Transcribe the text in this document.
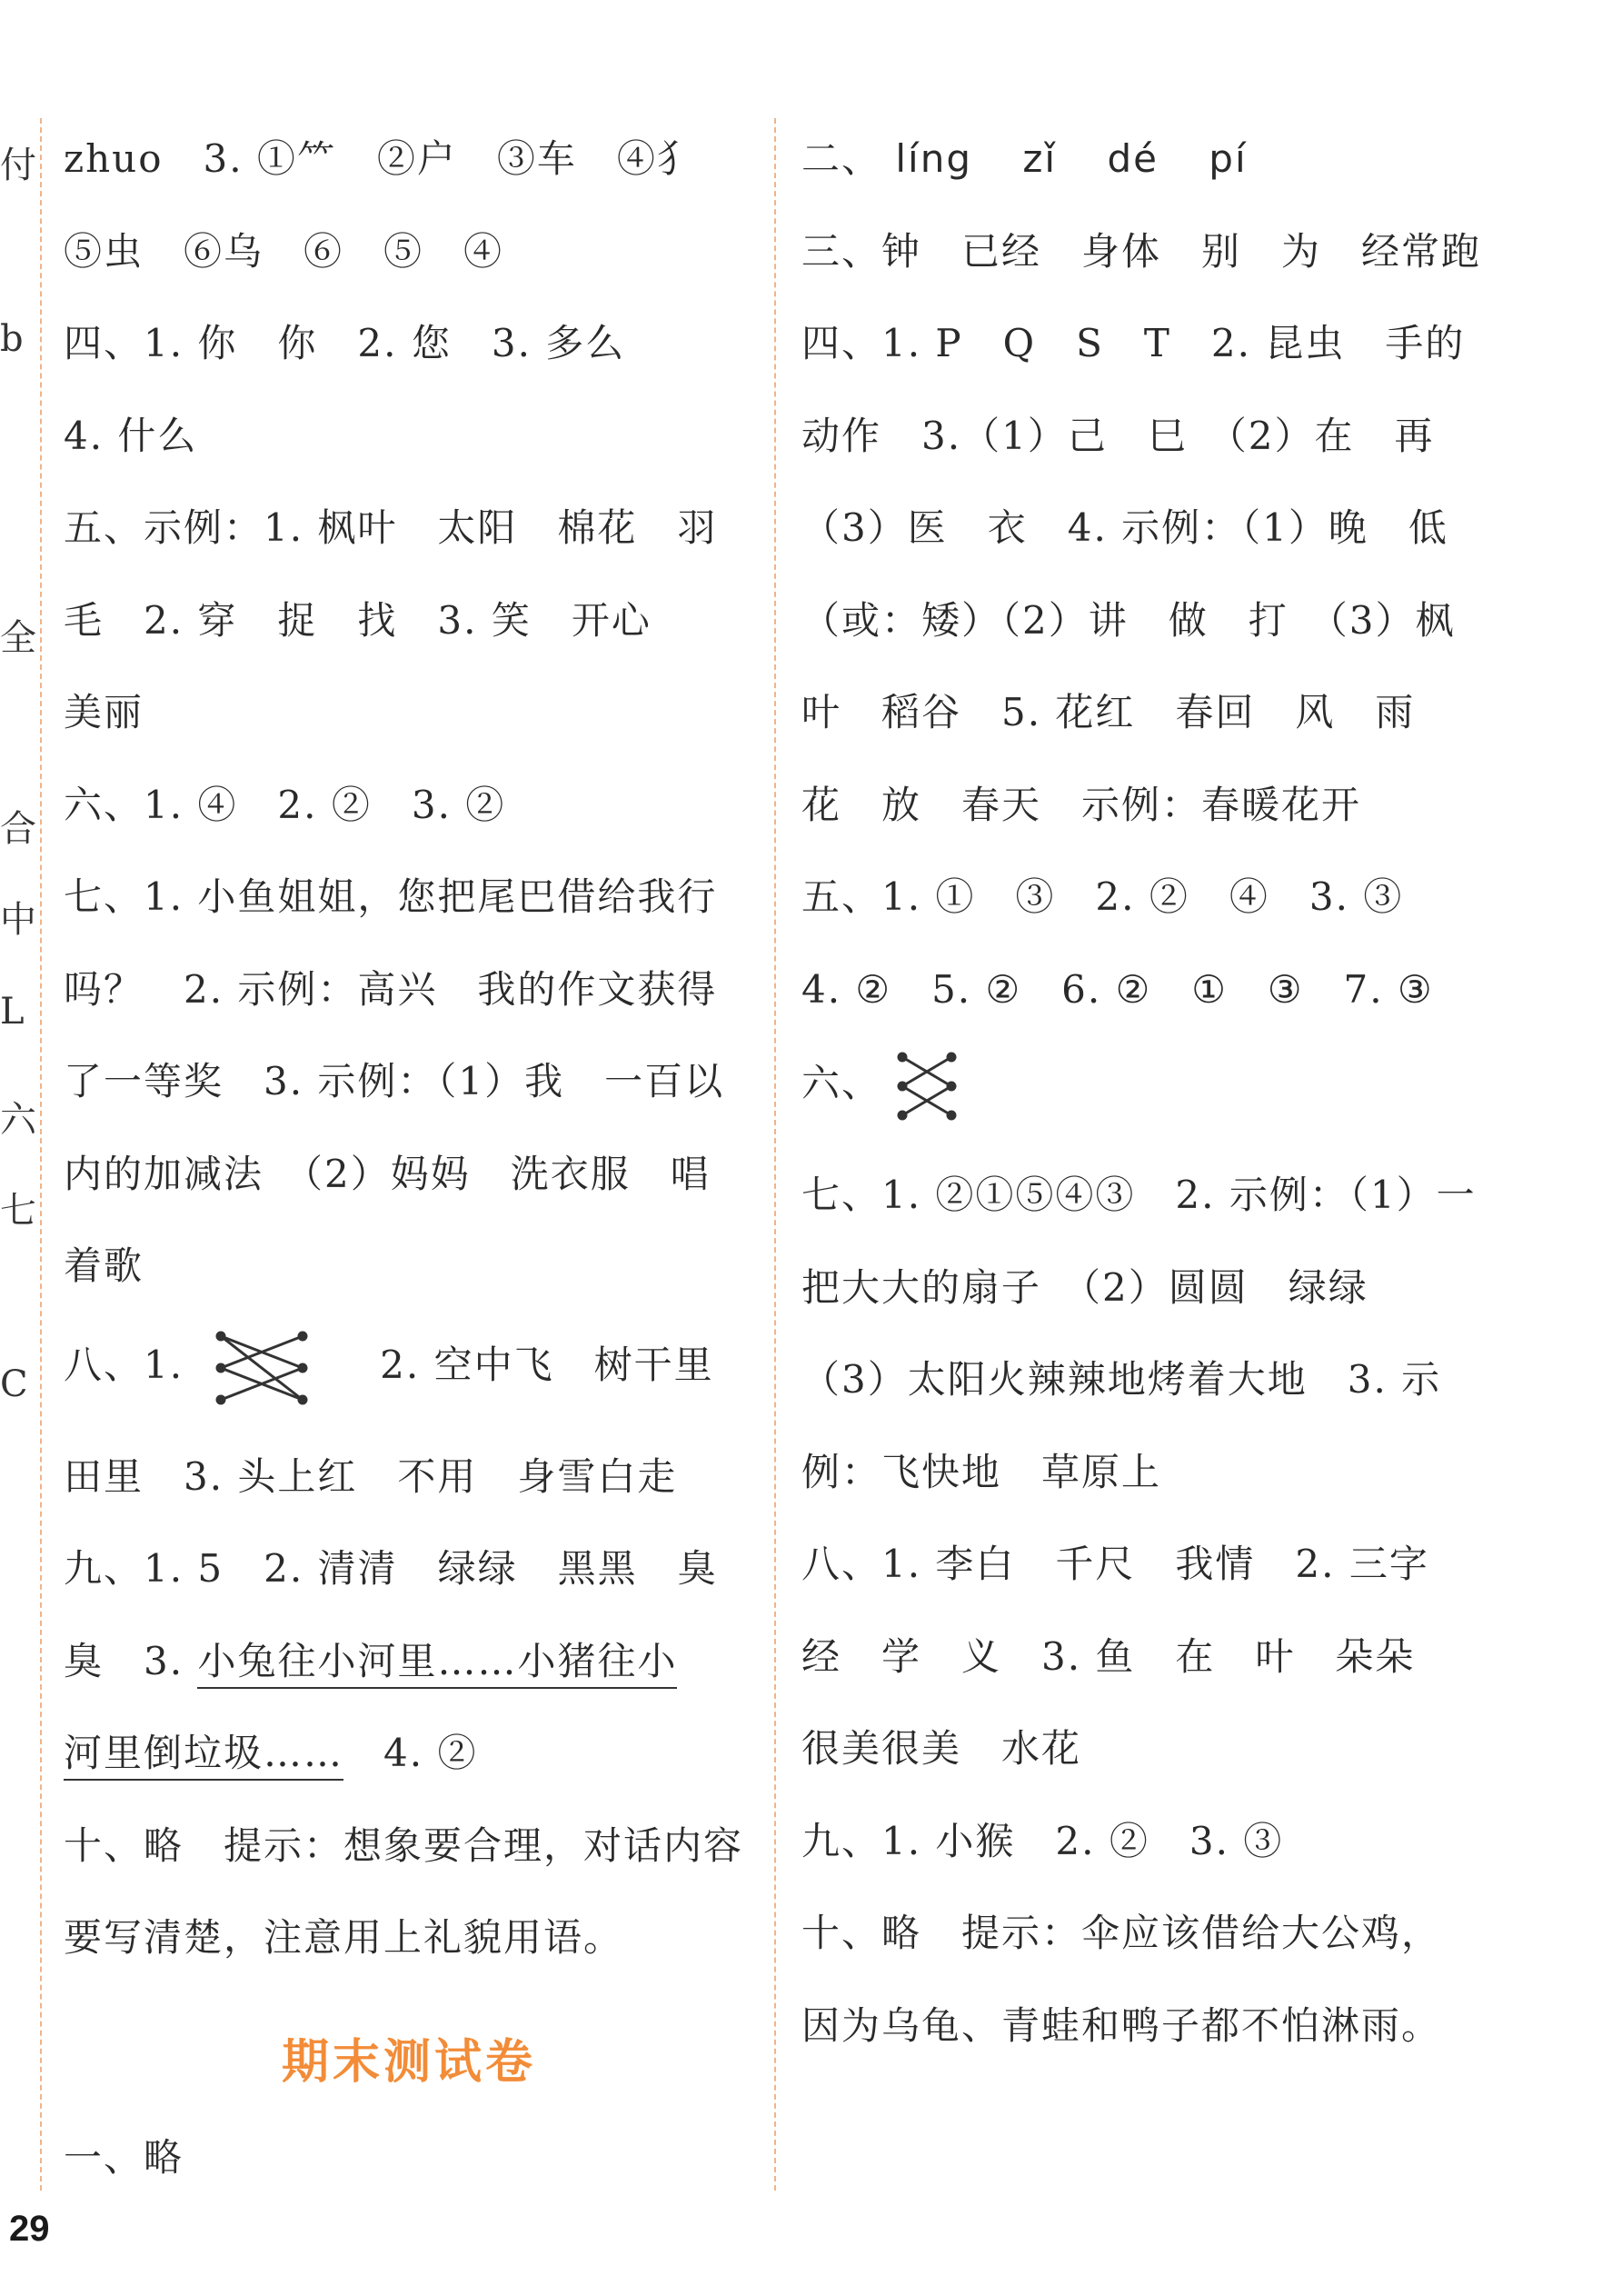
付
b
全
合
中
L
六
七
C
zhuo　3. ①⺮　②户　③车　④犭
⑤虫　⑥乌　⑥　⑤　④
四、1. 你　你　2. 您　3. 多么
4. 什么
五、示例：1. 枫叶　太阳　棉花　羽
毛　2. 穿　捉　找　3. 笑　开心
美丽
六、1. ④　2. ②　3. ②
七、1. 小鱼姐姐，您把尾巴借给我行
吗？　2. 示例：高兴　我的作文获得
了一等奖　3. 示例：（1）我　一百以
内的加减法　（2）妈妈　洗衣服　唱
着歌
八、1.	2. 空中飞　树干里
田里　3. 头上红　不用　身雪白走
九、1. 5　2. 清清　绿绿　黑黑　臭
臭　3. 小兔往小河里……小猪往小
河里倒垃圾……　4. ②
十、略　提示：想象要合理，对话内容
要写清楚，注意用上礼貌用语。
期末测试卷
一、略
二、 líng zǐ dé pí
三、钟　已经　身体　别　为　经常跑
四、1. P　Q　S　T　2. 昆虫　手的
动作　3.（1）己　巳　（2）在　再
（3）医　衣　4. 示例：（1）晚　低
（或：矮）（2）讲　做　打　（3）枫
叶　稻谷　5. 花红　春回　风　雨
花　放　春天　示例：春暖花开
五、1. ①　③　2. ②　④　3. ③
4. ②　5. ②　6. ②　①　③　7. ③
六、
七、1. ②①⑤④③　2. 示例：（1）一
把大大的扇子　（2）圆圆　绿绿
（3）太阳火辣辣地烤着大地　3. 示
例：飞快地　草原上
八、1. 李白　千尺　我情　2. 三字
经　学　义　3. 鱼　在　叶　朵朵
很美很美　水花
九、1. 小猴　2. ②　3. ③
十、略　提示：伞应该借给大公鸡，
因为乌龟、青蛙和鸭子都不怕淋雨。
29
